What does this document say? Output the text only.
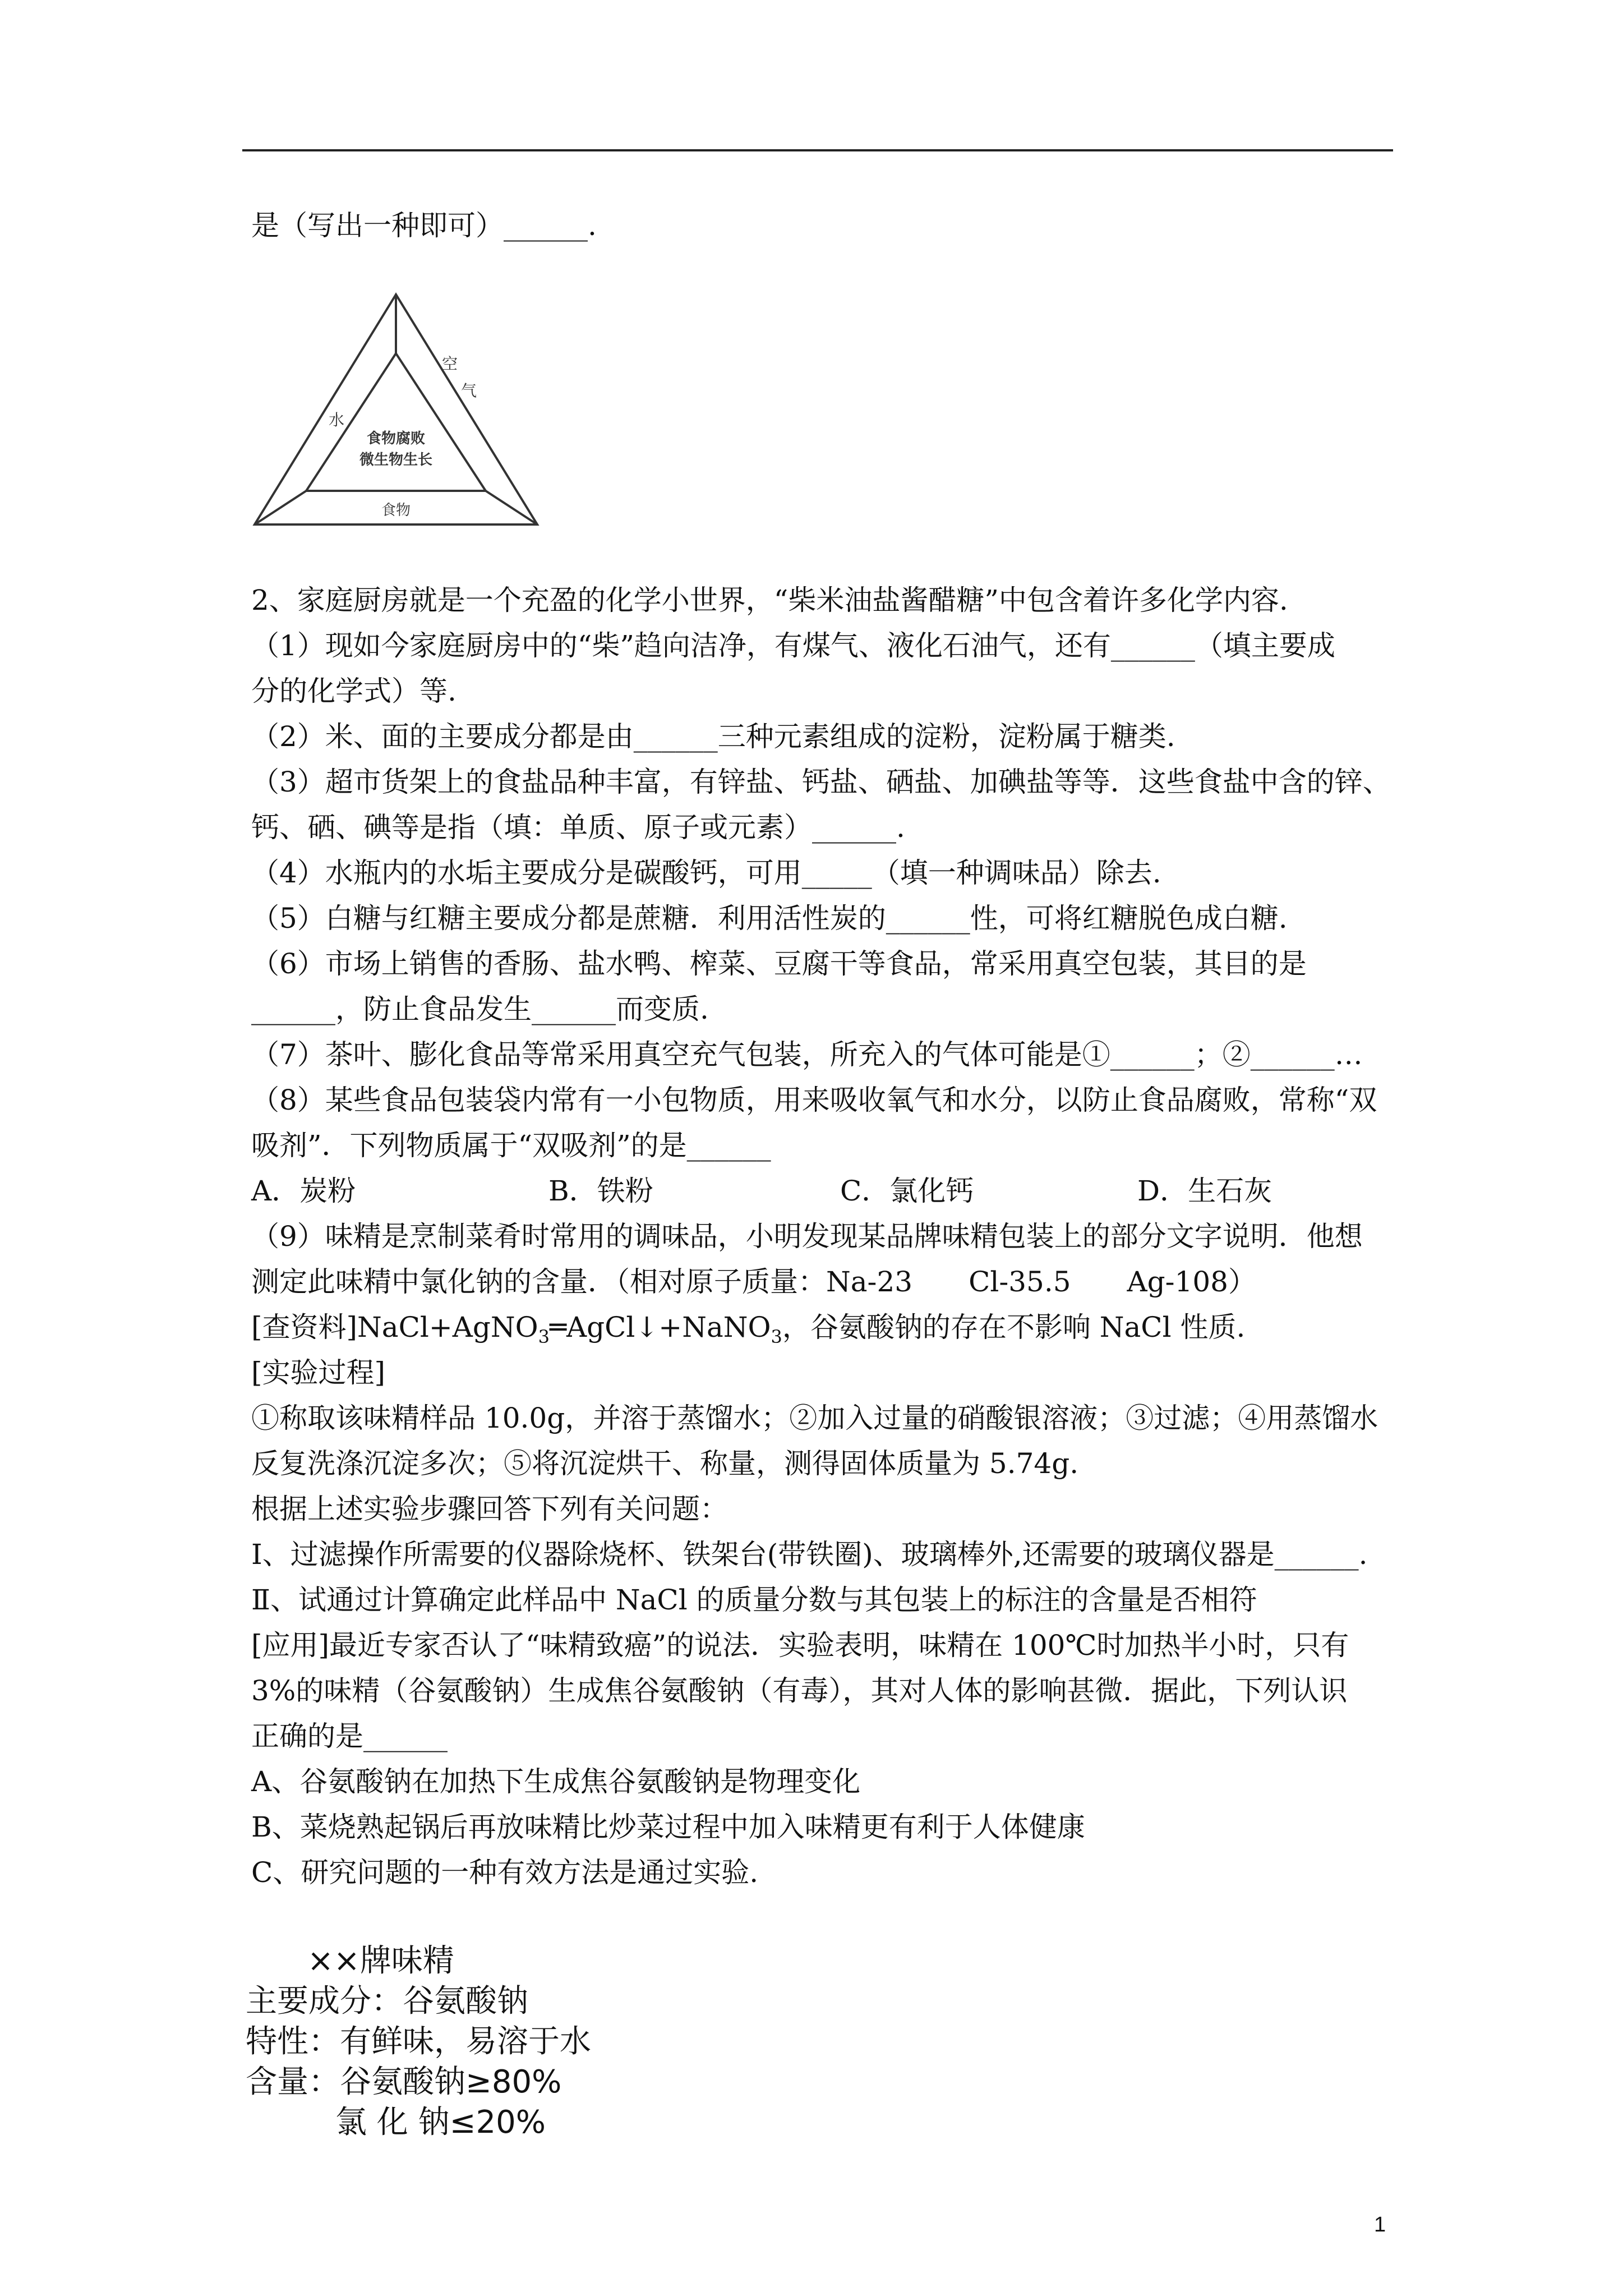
是（写出一种即可）______.
水
空
气
食物
食物腐败
微生物生长
2、家庭厨房就是一个充盈的化学小世界，“柴米油盐酱醋糖”中包含着许多化学内容.
（1）现如今家庭厨房中的“柴”趋向洁净，有煤气、液化石油气，还有______（填主要成
分的化学式）等.
（2）米、面的主要成分都是由______三种元素组成的淀粉，淀粉属于糖类.
（3）超市货架上的食盐品种丰富，有锌盐、钙盐、硒盐、加碘盐等等．这些食盐中含的锌、
钙、硒、碘等是指（填：单质、原子或元素）______.
（4）水瓶内的水垢主要成分是碳酸钙，可用_____（填一种调味品）除去.
（5）白糖与红糖主要成分都是蔗糖．利用活性炭的______性，可将红糖脱色成白糖.
（6）市场上销售的香肠、盐水鸭、榨菜、豆腐干等食品，常采用真空包装，其目的是
______，防止食品发生______而变质.
（7）茶叶、膨化食品等常采用真空充气包装，所充入的气体可能是①______；②______…
（8）某些食品包装袋内常有一小包物质，用来吸收氧气和水分，以防止食品腐败，常称“双
吸剂”．下列物质属于“双吸剂”的是______
A．炭粉	B．铁粉	C．氯化钙	D．生石灰
（9）味精是烹制菜肴时常用的调味品，小明发现某品牌味精包装上的部分文字说明．他想
测定此味精中氯化钠的含量．（相对原子质量：Na-23　　Cl-35.5　　Ag-108）
[查资料]NaCl+AgNO$_3$═AgCl↓+NaNO$_3$，谷氨酸钠的存在不影响 NaCl 性质.
[实验过程]
①称取该味精样品 10.0g，并溶于蒸馏水；②加入过量的硝酸银溶液；③过滤；④用蒸馏水
反复洗涤沉淀多次；⑤将沉淀烘干、称量，测得固体质量为 5.74g.
根据上述实验步骤回答下列有关问题：
Ⅰ、过滤操作所需要的仪器除烧杯、铁架台(带铁圈)、玻璃棒外,还需要的玻璃仪器是______.
Ⅱ、试通过计算确定此样品中 NaCl 的质量分数与其包装上的标注的含量是否相符
[应用]最近专家否认了“味精致癌”的说法．实验表明，味精在 100℃时加热半小时，只有
3%的味精（谷氨酸钠）生成焦谷氨酸钠（有毒），其对人体的影响甚微．据此，下列认识
正确的是______
A、谷氨酸钠在加热下生成焦谷氨酸钠是物理变化
B、菜烧熟起锅后再放味精比炒菜过程中加入味精更有利于人体健康
C、研究问题的一种有效方法是通过实验.
××牌味精
主要成分：谷氨酸钠
特性：有鲜味，易溶于水
含量：谷氨酸钠≥80%
氯 化 钠≤20%
1
